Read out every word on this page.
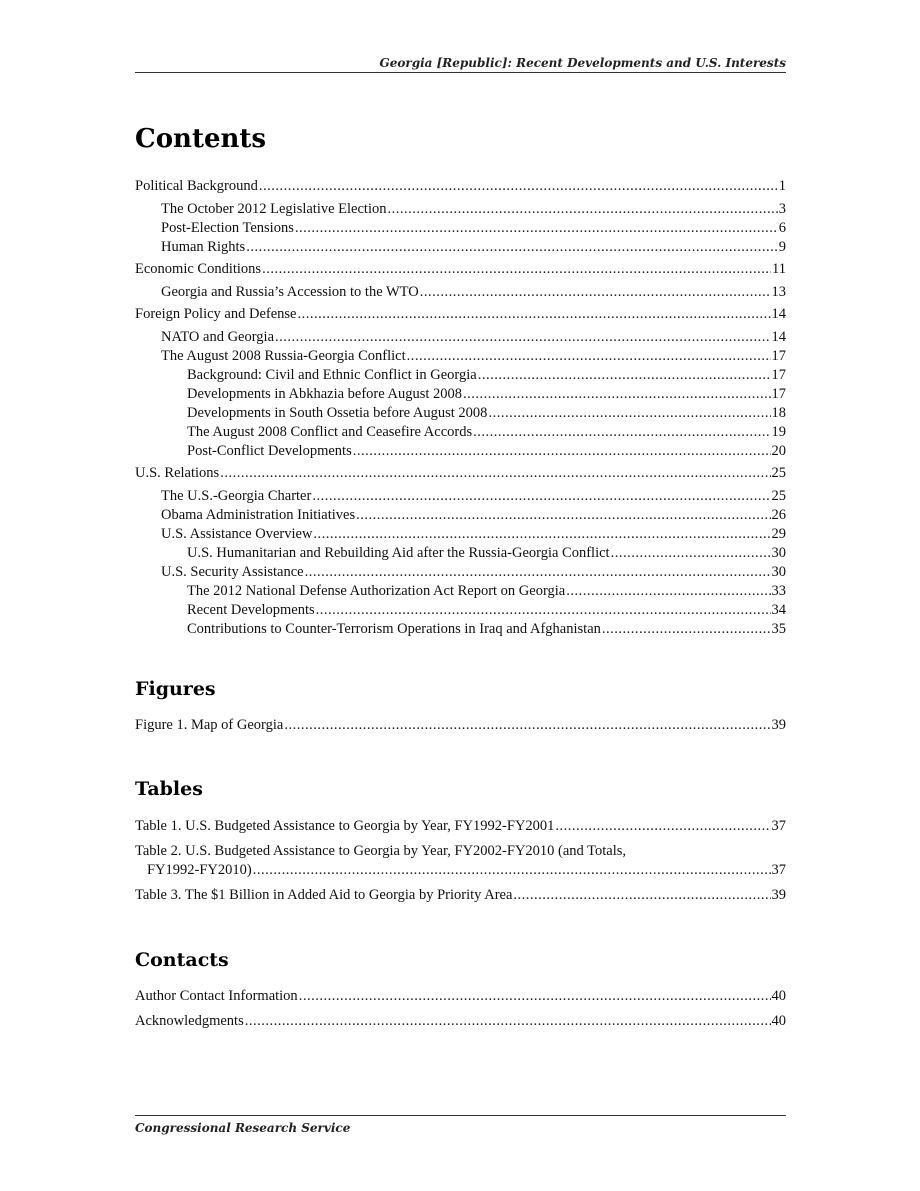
Georgia [Republic]: Recent Developments and U.S. Interests
Contents
Political Background .....	1
The October 2012 Legislative Election .....	3
Post-Election Tensions .....	6
Human Rights .....	9
Economic Conditions .....	11
Georgia and Russia’s Accession to the WTO .....	13
Foreign Policy and Defense .....	14
NATO and Georgia .....	14
The August 2008 Russia-Georgia Conflict .....	17
Background: Civil and Ethnic Conflict in Georgia .....	17
Developments in Abkhazia before August 2008 .....	17
Developments in South Ossetia before August 2008 .....	18
The August 2008 Conflict and Ceasefire Accords .....	19
Post-Conflict Developments .....	20
U.S. Relations .....	25
The U.S.-Georgia Charter .....	25
Obama Administration Initiatives .....	26
U.S. Assistance Overview .....	29
U.S. Humanitarian and Rebuilding Aid after the Russia-Georgia Conflict .....	30
U.S. Security Assistance .....	30
The 2012 National Defense Authorization Act Report on Georgia .....	33
Recent Developments .....	34
Contributions to Counter-Terrorism Operations in Iraq and Afghanistan .....	35
Figures
Figure 1. Map of Georgia .....	39
Tables
Table 1. U.S. Budgeted Assistance to Georgia by Year, FY1992-FY2001 .....	37
Table 2. U.S. Budgeted Assistance to Georgia by Year, FY2002-FY2010 (and Totals,
FY1992-FY2010) .....	37
Table 3. The $1 Billion in Added Aid to Georgia by Priority Area .....	39
Contacts
Author Contact Information .....	40
Acknowledgments .....	40
Congressional Research Service
